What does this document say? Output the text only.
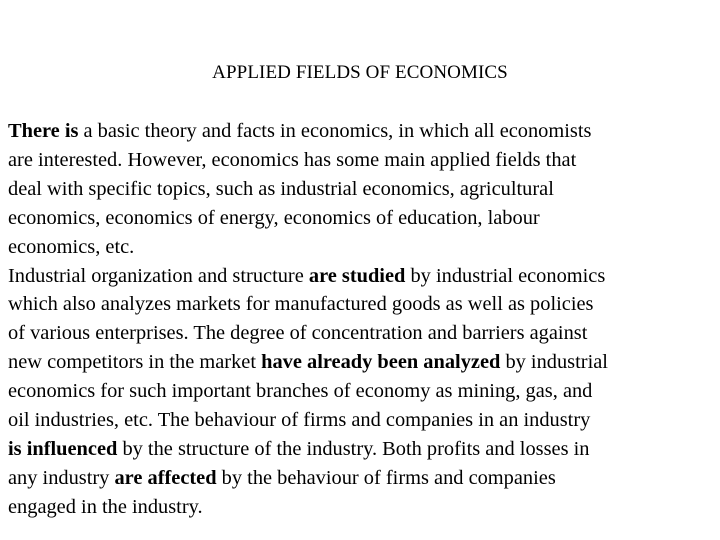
APPLIED FIELDS OF ECONOMICS
There is a basic theory and facts in economics, in which all economists
are interested. However, economics has some main applied fields that
deal with specific topics, such as industrial economics, agricultural
economics, economics of energy, economics of education, labour
economics, etc.
Industrial organization and structure are studied by industrial economics
which also analyzes markets for manufactured goods as well as policies
of various enterprises. The degree of concentration and barriers against
new competitors in the market have already been analyzed by industrial
economics for such important branches of economy as mining, gas, and
oil industries, etc. The behaviour of firms and companies in an industry
is influenced by the structure of the industry. Both profits and losses in
any industry are affected by the behaviour of firms and companies
engaged in the industry.
